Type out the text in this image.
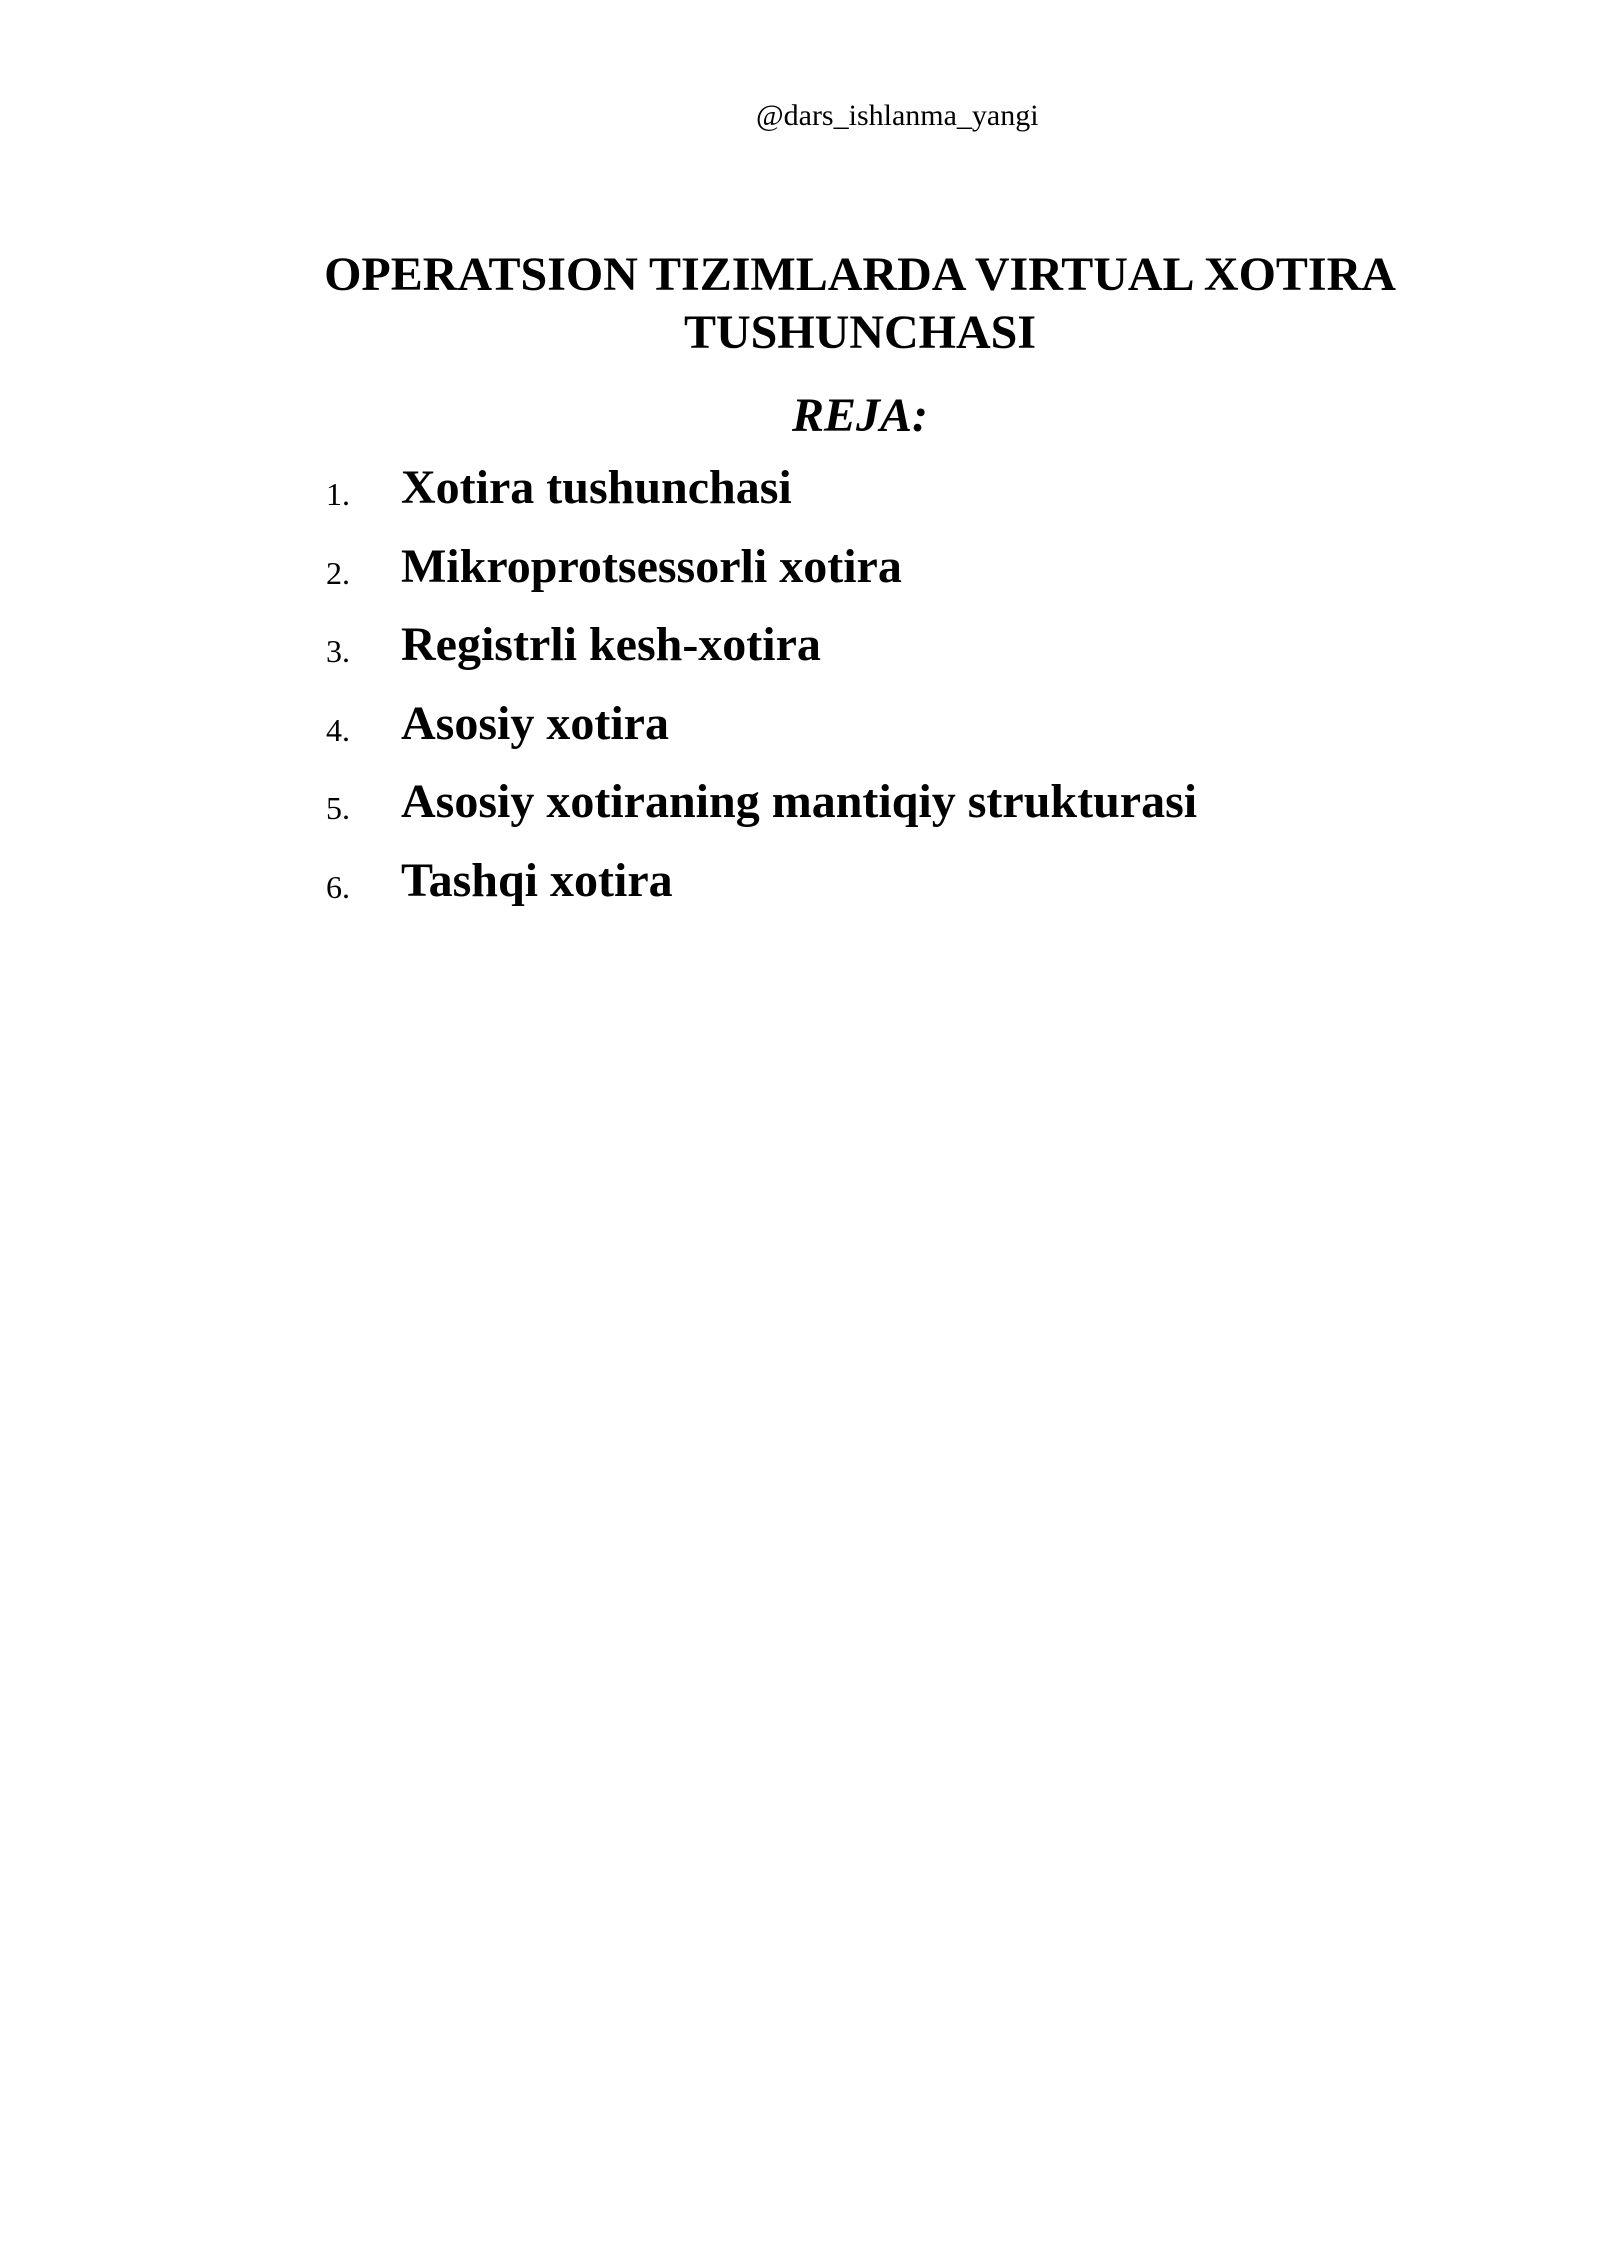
@dars_ishlanma_yangi
OPERATSION TIZIMLARDA VIRTUAL XOTIRA TUSHUNCHASI
REJA:
1. Xotira tushunchasi
2. Mikroprotsessorli xotira
3. Registrli kesh-xotira
4. Asosiy xotira
5. Asosiy xotiraning mantiqiy strukturasi
6. Tashqi xotira
